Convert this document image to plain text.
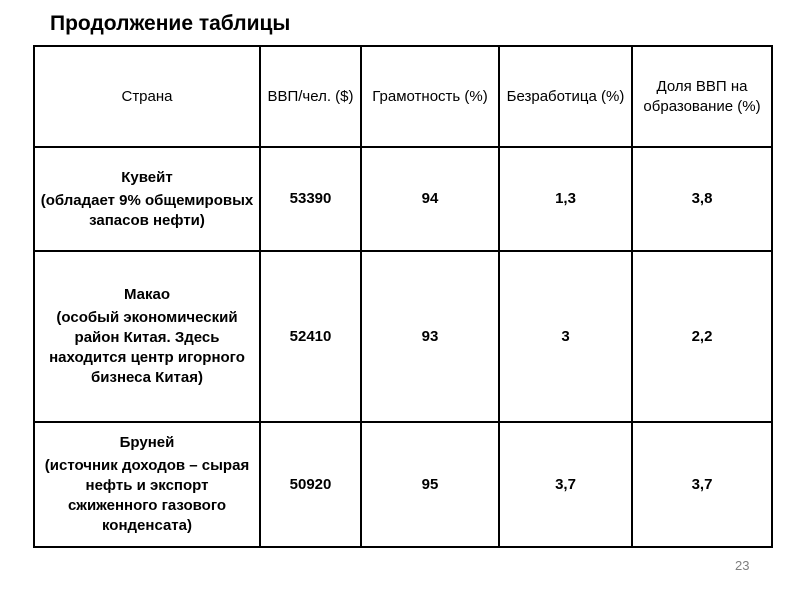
Продолжение таблицы
Страна	ВВП/чел. ($)	Грамотность (%)	Безработица (%)	Доля ВВП на образование (%)

Кувейт
(обладает 9% общемировых запасов нефти)	53390	94	1,3	3,8

Макао
(особый экономический район Китая. Здесь находится центр игорного бизнеса Китая)	52410	93	3	2,2

Бруней
(источник доходов – сырая нефть и экспорт сжиженного газового конденсата)	50920	95	3,7	3,7
23
